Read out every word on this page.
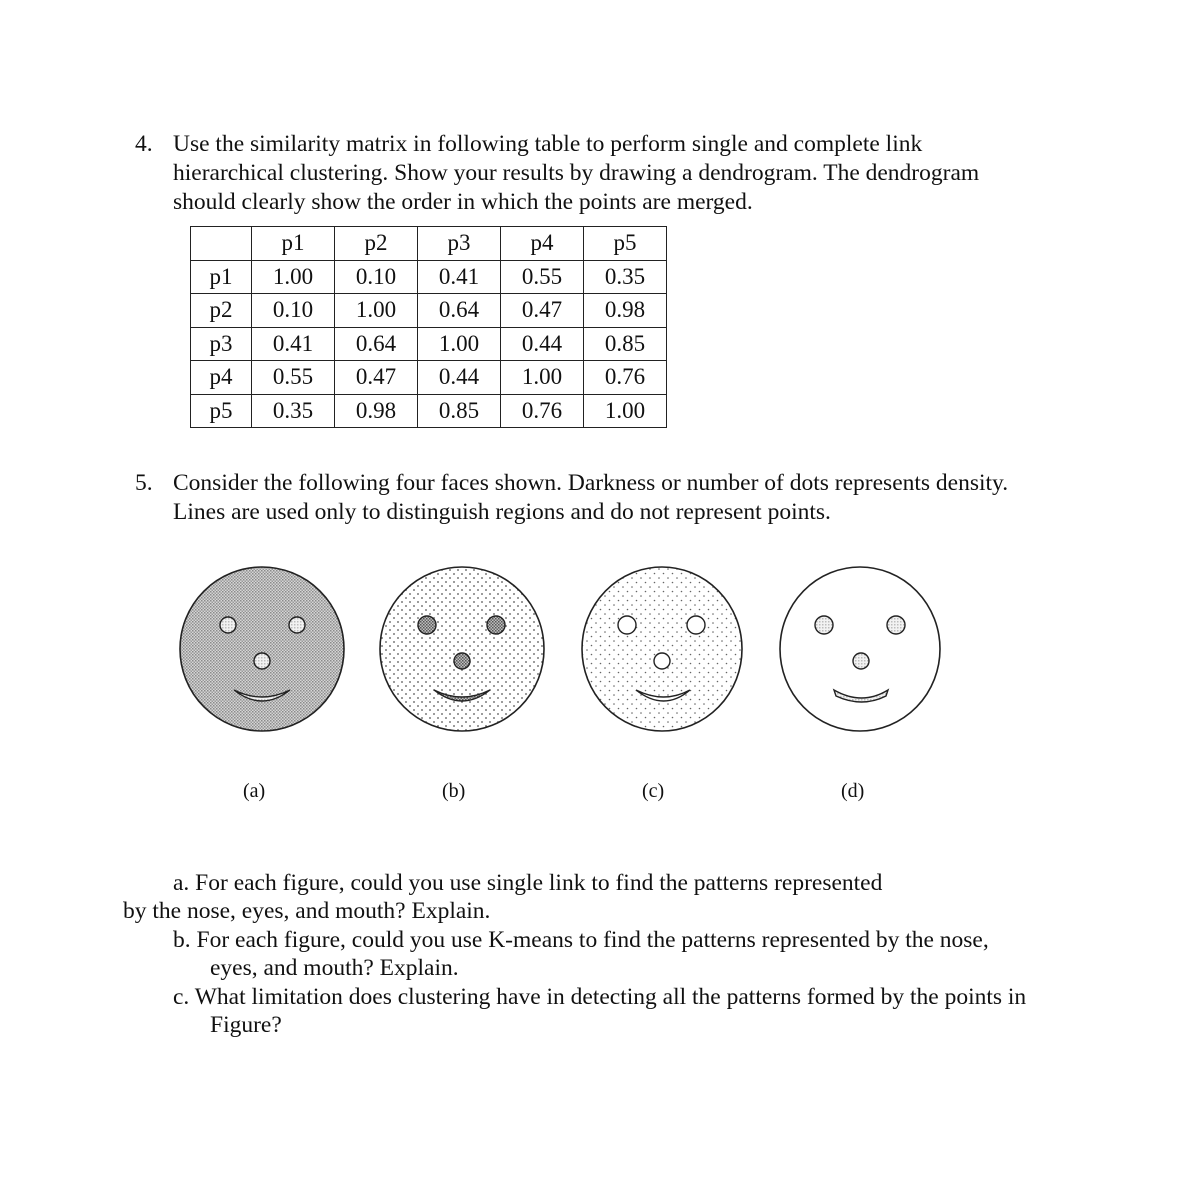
4. Use the similarity matrix in following table to perform single and complete link
hierarchical clustering. Show your results by drawing a dendrogram. The dendrogram
should clearly show the order in which the points are merged.
	p1	p2	p3	p4	p5
p1	1.00	0.10	0.41	0.55	0.35
p2	0.10	1.00	0.64	0.47	0.98
p3	0.41	0.64	1.00	0.44	0.85
p4	0.55	0.47	0.44	1.00	0.76
p5	0.35	0.98	0.85	0.76	1.00
5. Consider the following four faces shown. Darkness or number of dots represents density.
Lines are used only to distinguish regions and do not represent points.
(a)	(b)	(c)	(d)
a. For each figure, could you use single link to find the patterns represented
by the nose, eyes, and mouth? Explain.
b. For each figure, could you use K-means to find the patterns represented by the nose,
eyes, and mouth? Explain.
c. What limitation does clustering have in detecting all the patterns formed by the points in
Figure?
